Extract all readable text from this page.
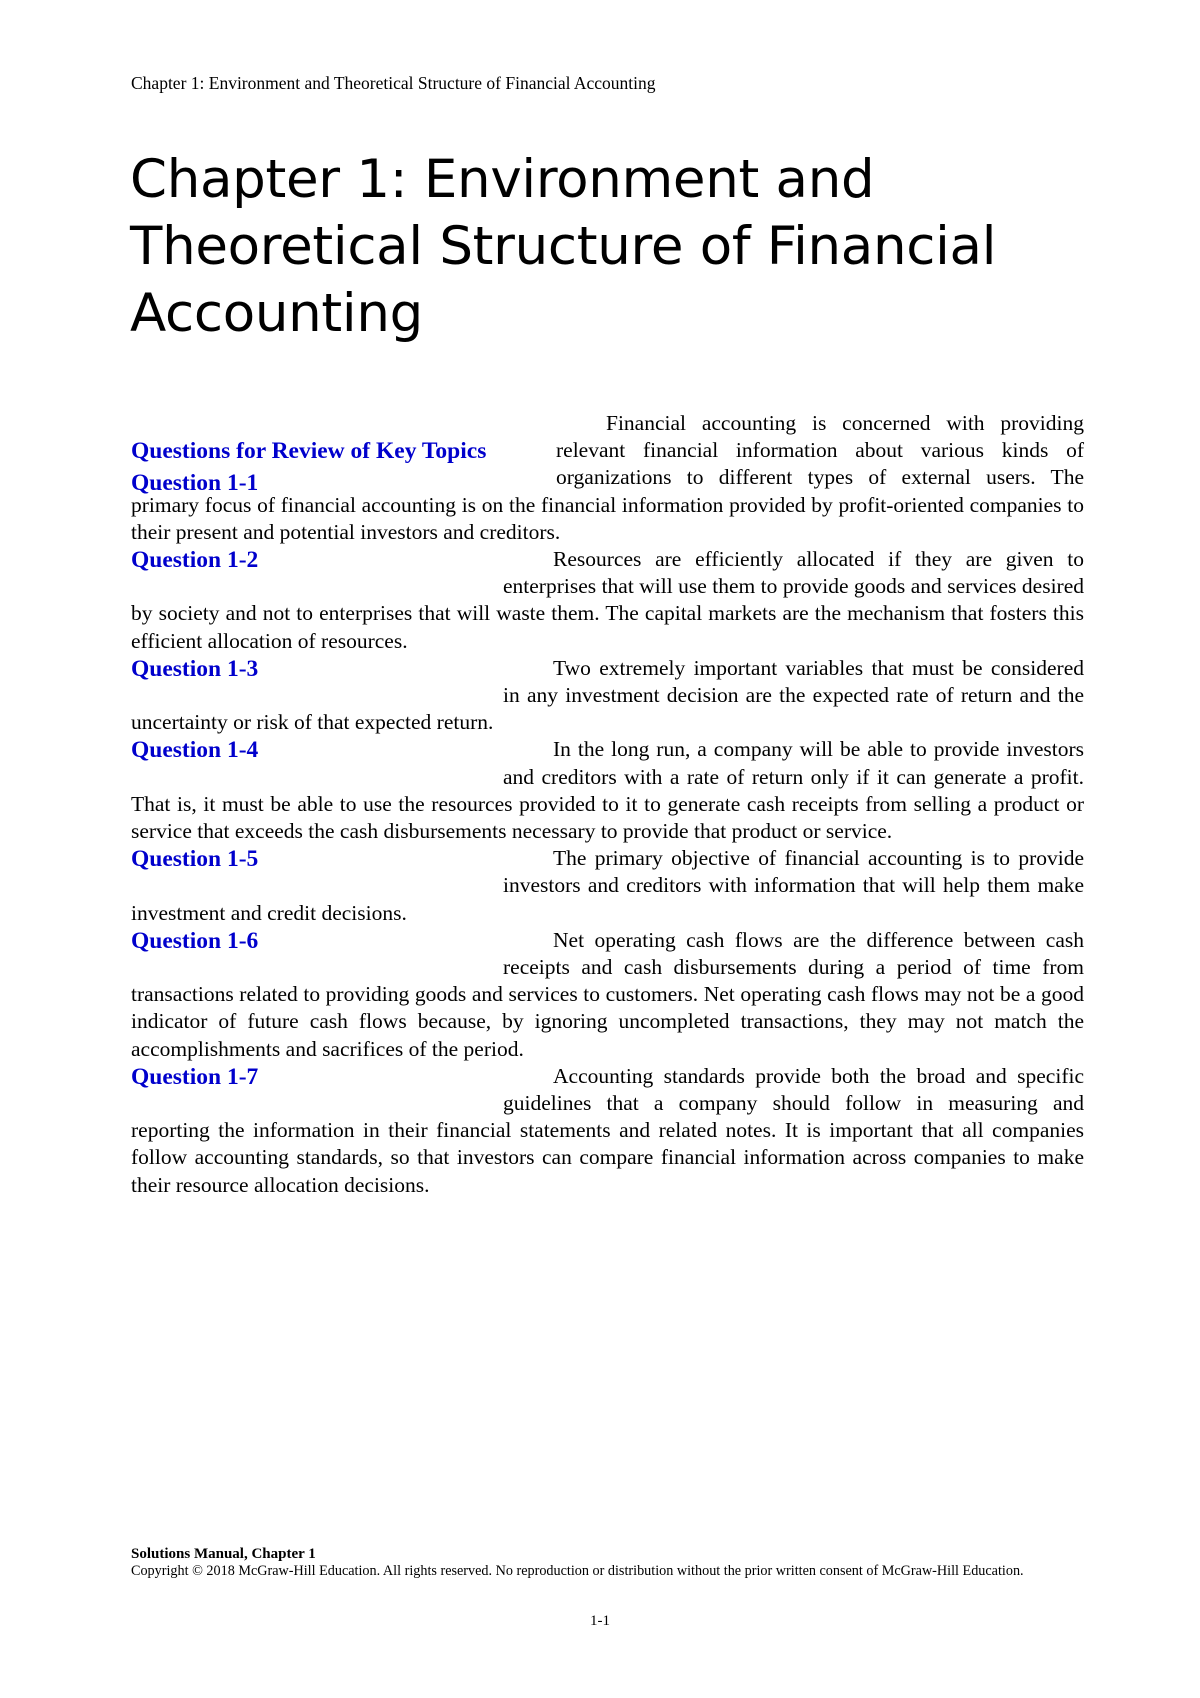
Chapter 1: Environment and Theoretical Structure of Financial Accounting
Chapter 1: Environment and Theoretical Structure of Financial Accounting
Questions for Review of Key Topics
Question 1-1

Financial accounting is concerned with providing relevant financial information about various kinds of organizations to different types of external users. The primary focus of financial accounting is on the financial information provided by profit-oriented companies to their present and potential investors and creditors.

Question 1-2	Resources are efficiently allocated if they are given to enterprises that will use them to provide goods and services desired by society and not to enterprises that will waste them. The capital markets are the mechanism that fosters this efficient allocation of resources.

Question 1-3	Two extremely important variables that must be considered in any investment decision are the expected rate of return and the uncertainty or risk of that expected return.

Question 1-4	In the long run, a company will be able to provide investors and creditors with a rate of return only if it can generate a profit. That is, it must be able to use the resources provided to it to generate cash receipts from selling a product or service that exceeds the cash disbursements necessary to provide that product or service.

Question 1-5	The primary objective of financial accounting is to provide investors and creditors with information that will help them make investment and credit decisions.

Question 1-6	Net operating cash flows are the difference between cash receipts and cash disbursements during a period of time from transactions related to providing goods and services to customers. Net operating cash flows may not be a good indicator of future cash flows because, by ignoring uncompleted transactions, they may not match the accomplishments and sacrifices of the period.

Question 1-7	Accounting standards provide both the broad and specific guidelines that a company should follow in measuring and reporting the information in their financial statements and related notes. It is important that all companies follow accounting standards, so that investors can compare financial information across companies to make their resource allocation decisions.

Solutions Manual, Chapter 1
Copyright © 2018 McGraw-Hill Education. All rights reserved. No reproduction or distribution without the prior written consent of McGraw-Hill Education.
1-1
